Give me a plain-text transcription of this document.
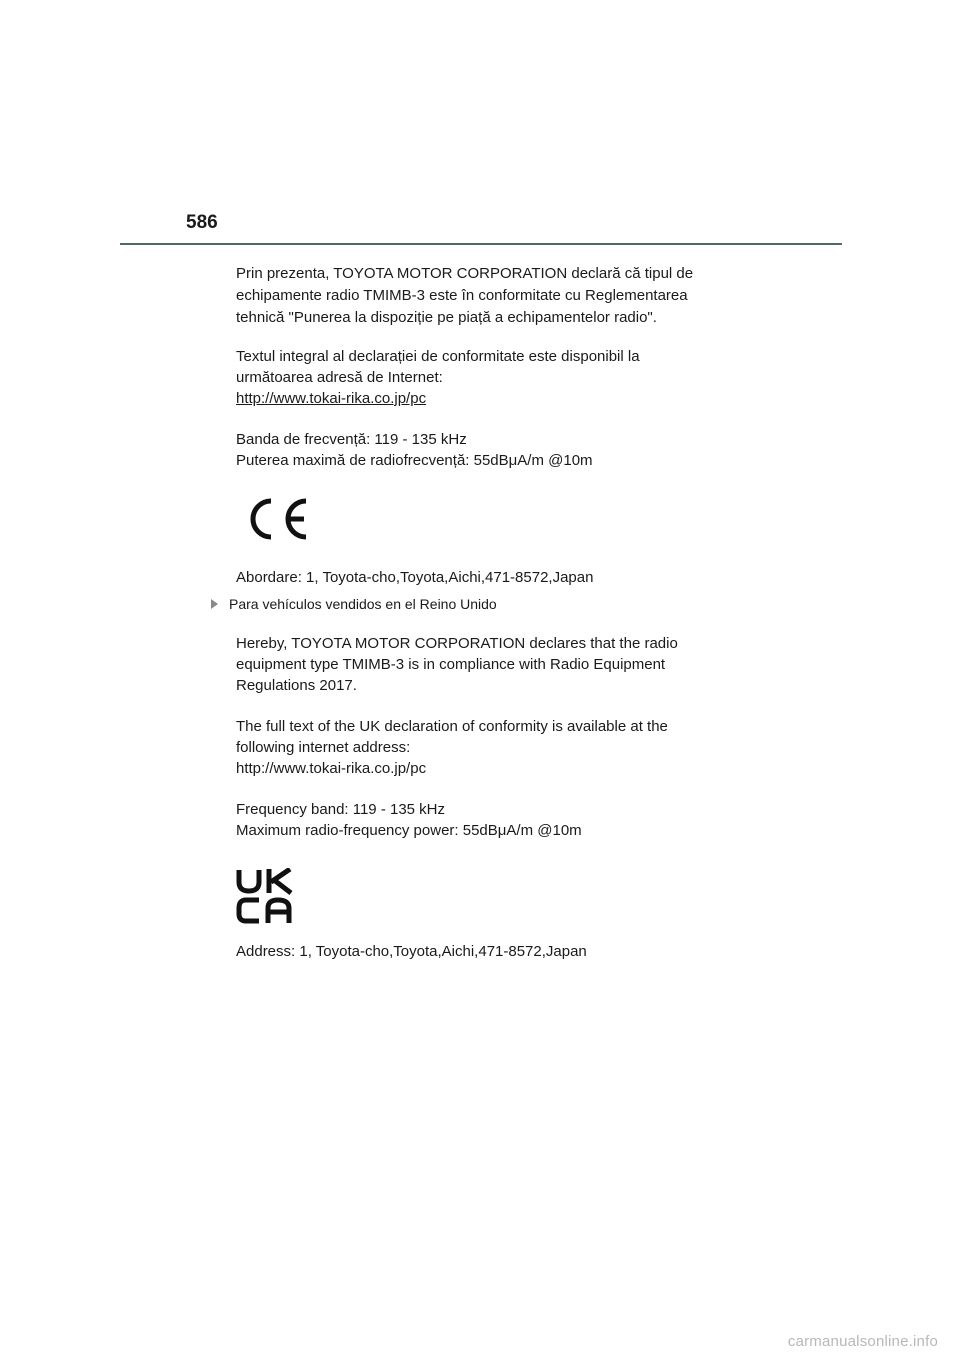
586
Prin prezenta, TOYOTA MOTOR CORPORATION declară că tipul de
echipamente radio TMIMB-3 este în conformitate cu Reglementarea
tehnică "Punerea la dispoziție pe piață a echipamentelor radio".
Textul integral al declarației de conformitate este disponibil la
următoarea adresă de Internet:
http://www.tokai-rika.co.jp/pc
Banda de frecvență: 119 - 135 kHz
Puterea maximă de radiofrecvență: 55dBμA/m @10m
Abordare: 1, Toyota-cho,Toyota,Aichi,471-8572,Japan
Para vehículos vendidos en el Reino Unido
Hereby, TOYOTA MOTOR CORPORATION declares that the radio
equipment type TMIMB-3 is in compliance with Radio Equipment
Regulations 2017.
The full text of the UK declaration of conformity is available at the
following internet address:
http://www.tokai-rika.co.jp/pc
Frequency band: 119 - 135 kHz
Maximum radio-frequency power: 55dBμA/m @10m
Address: 1, Toyota-cho,Toyota,Aichi,471-8572,Japan
carmanualsonline.info
